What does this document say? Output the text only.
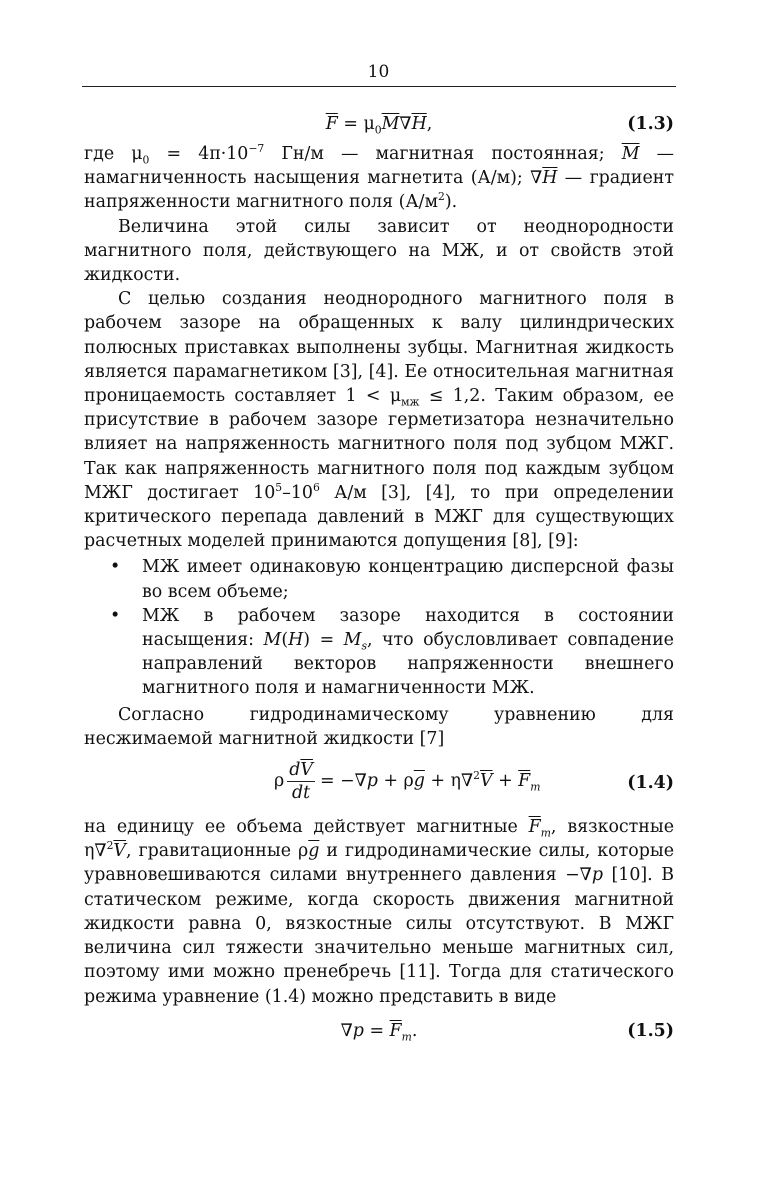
10
$\overline{F} = \mu_0\overline{M}\nabla\overline{H}$,	(1.3)

где $\mu_0 = 4\pi\cdot 10^{-7}$ Гн/м — магнитная постоянная; $\overline{M}$ — намагниченность насыщения магнетита (А/м); $\nabla\overline{H}$ — градиент напряженности магнитного поля $(А/м^2)$.

Величина этой силы зависит от неоднородности магнитного поля, действующего на МЖ, и от свойств этой жидкости.

С целью создания неоднородного магнитного поля в рабочем зазоре на обращенных к валу цилиндрических полюсных приставках выполнены зубцы. Магнитная жидкость является парамагнетиком [3], [4]. Ее относительная магнитная проницаемость составляет $1 < \mu_{мж} \le 1,2$. Таким образом, ее присутствие в рабочем зазоре герметизатора незначительно влияет на напряженность магнитного поля под зубцом МЖГ. Так как напряженность магнитного поля под каждым зубцом МЖГ достигает $10^5-10^6$ А/м [3], [4], то при определении критического перепада давлений в МЖГ для существующих расчетных моделей принимаются допущения [8], [9]:

• МЖ имеет одинаковую концентрацию дисперсной фазы во всем объеме;
• МЖ в рабочем зазоре находится в состоянии насыщения: $M(H) = M_s$, что обусловливает совпадение направлений векторов напряженности внешнего магнитного поля и намагниченности МЖ.

Согласно гидродинамическому уравнению для несжимаемой магнитной жидкости [7]

ρ $\frac{d\overline{V}}{dt} = -\nabla p + \rho\overline{g} + \eta\nabla^2\overline{V} + \overline{F}_m$	(1.4)

на единицу ее объема действует магнитные $\overline{F}_m$, вязкостные $\eta\nabla^2\overline{V}$, гравитационные $\rho\overline{g}$ и гидродинамические силы, которые уравновешиваются силами внутреннего давления −∇p [10]. В статическом режиме, когда скорость движения магнитной жидкости равна 0, вязкостные силы отсутствуют. В МЖГ величина сил тяжести значительно меньше магнитных сил, поэтому ими можно пренебречь [11]. Тогда для статического режима уравнение (1.4) можно представить в виде

$\nabla p = \overline{F}_m$.	(1.5)
